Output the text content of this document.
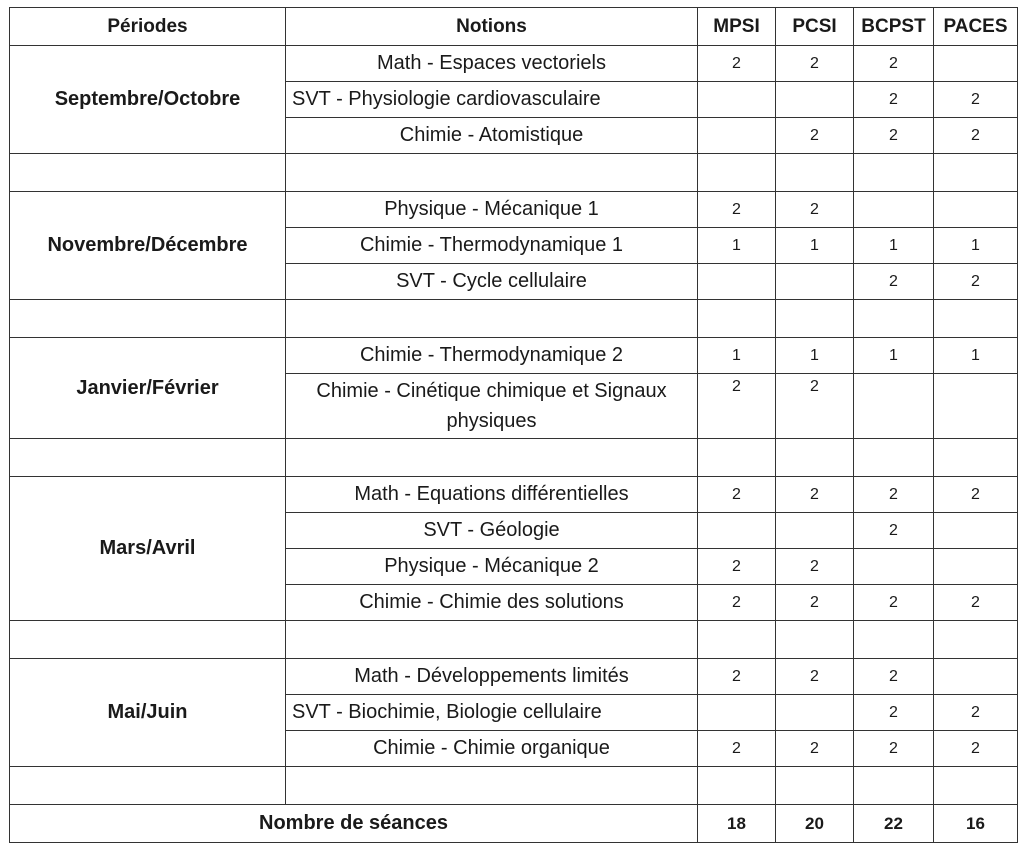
Périodes	Notions	MPSI	PCSI	BCPST	PACES
Septembre/Octobre	Math - Espaces vectoriels	2	2	2	
	SVT - Physiologie cardiovasculaire			2	2
	Chimie - Atomistique		2	2	2

Novembre/Décembre	Physique - Mécanique 1	2	2		
	Chimie - Thermodynamique 1	1	1	1	1
	SVT - Cycle cellulaire			2	2

Janvier/Février	Chimie - Thermodynamique 2	1	1	1	1
	Chimie - Cinétique chimique et Signaux physiques	2	2		

Mars/Avril	Math - Equations différentielles	2	2	2	2
	SVT - Géologie			2	
	Physique - Mécanique 2	2	2		
	Chimie - Chimie des solutions	2	2	2	2

Mai/Juin	Math - Développements limités	2	2	2	
	SVT - Biochimie, Biologie cellulaire			2	2
	Chimie - Chimie organique	2	2	2	2

Nombre de séances		18	20	22	16
